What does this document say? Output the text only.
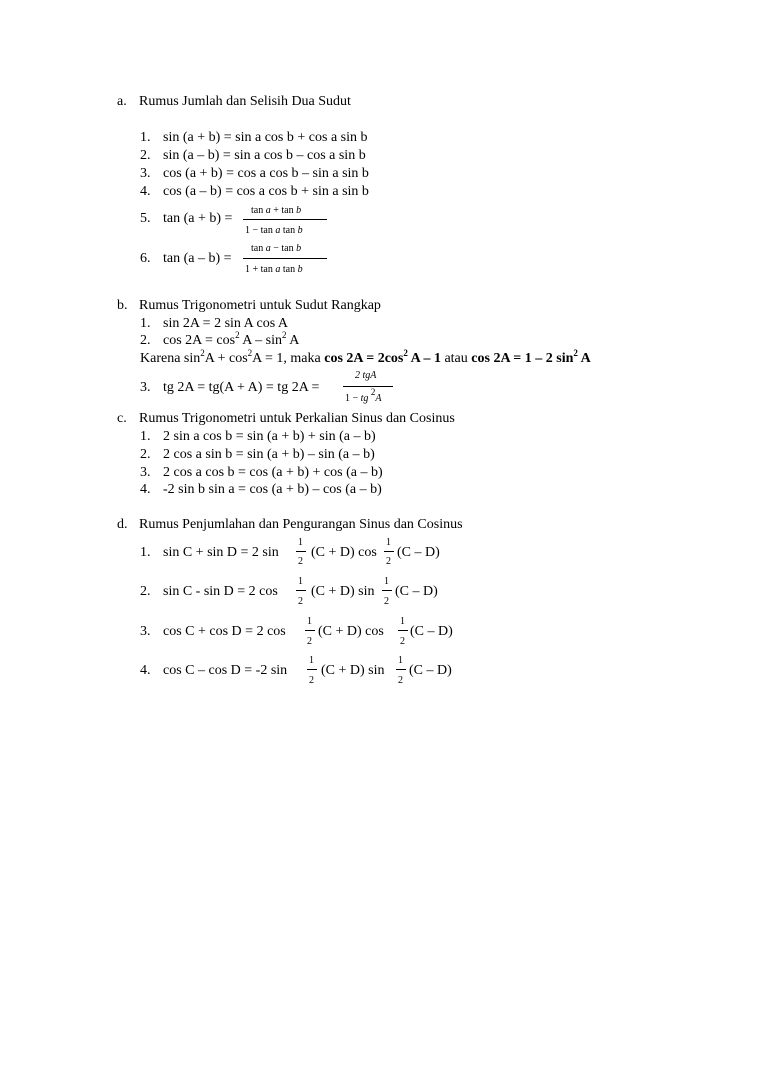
a. Rumus Jumlah dan Selisih Dua Sudut
1. sin (a + b) = sin a cos b + cos a sin b
2. sin (a – b) = sin a cos b – cos a sin b
3. cos (a + b) = cos a cos b – sin a sin b
4. cos (a – b) = cos a cos b + sin a sin b
5. tan (a + b) =
tan a + tan b
1 − tan a tan b
6. tan (a – b) =
tan a − tan b
1 + tan a tan b
b. Rumus Trigonometri untuk Sudut Rangkap
1. sin 2A = 2 sin A cos A
2. $\cos 2A = \cos^2 A - \sin^2 A$
Karena $\sin^2A + \cos^2A = 1$, maka $\cos 2A = 2\cos^2$ A – 1 atau cos 2A = 1 – 2 $\sin^2 A$
3. tg 2A = tg(A + A) = tg 2A =
2 tgA
1 − tg $^2$A
c. Rumus Trigonometri untuk Perkalian Sinus dan Cosinus
1. 2 sin a cos b = sin (a + b) + sin (a – b)
2. 2 cos a sin b = sin (a + b) – sin (a – b)
3. 2 cos a cos b = cos (a + b) + cos (a – b)
4. -2 sin b sin a = cos (a + b) – cos (a – b)
d. Rumus Penjumlahan dan Pengurangan Sinus dan Cosinus
1. sin C + sin D = 2 sin
1
2
(C + D) cos
1
2
(C – D)
2. sin C - sin D = 2 cos
1
2
(C + D) sin
1
2
(C – D)
3. cos C + cos D = 2 cos
1
2
(C + D) cos
1
2
(C – D)
4. cos C – cos D = -2 sin
1
2
(C + D) sin
1
2
(C – D)
